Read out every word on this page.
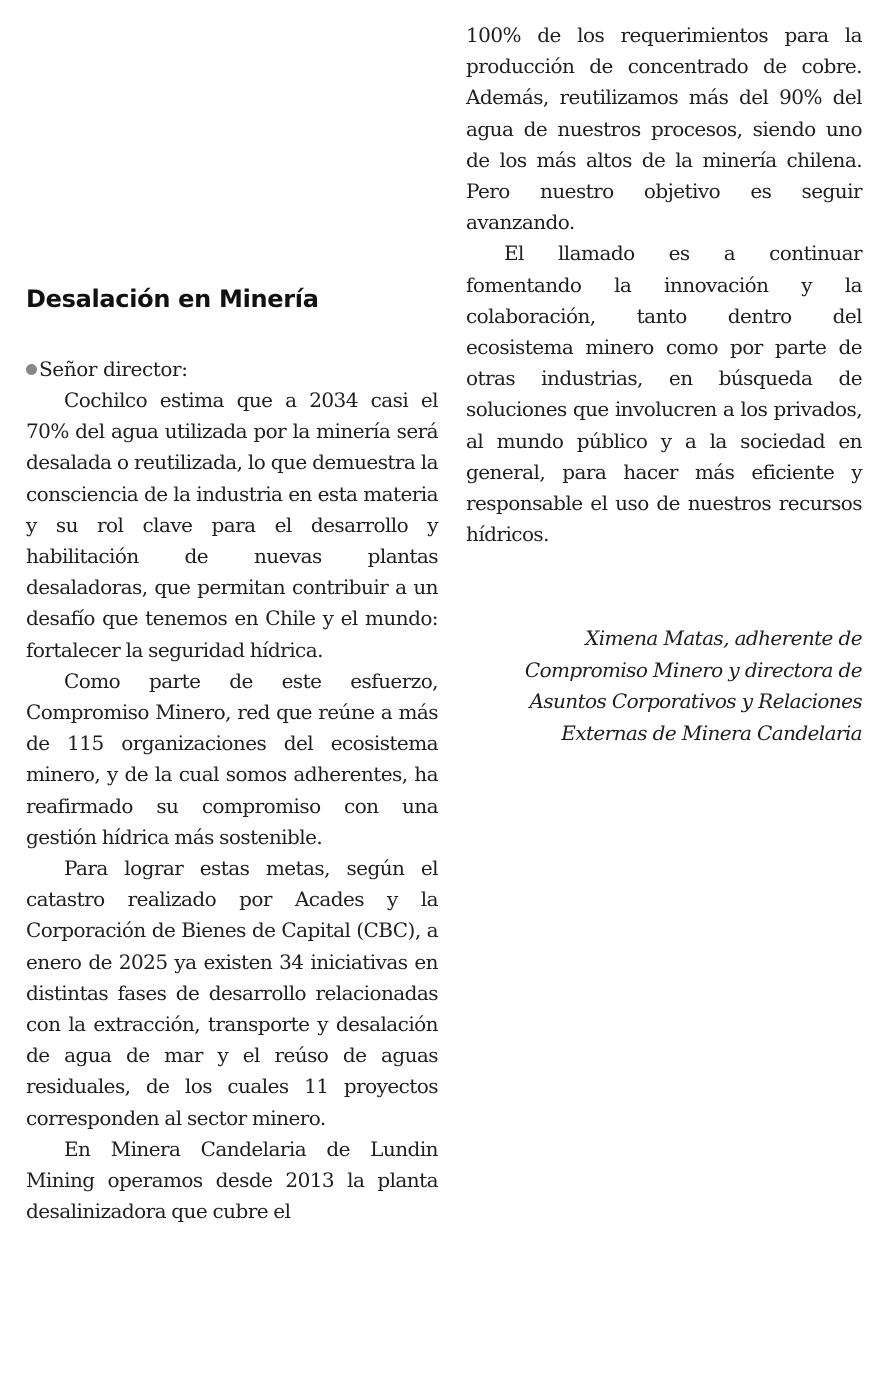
Desalación en Minería
Señor director:

Cochilco estima que a 2034 casi el 70% del agua utilizada por la minería será desalada o reutilizada, lo que demuestra la consciencia de la industria en esta materia y su rol clave para el desarrollo y habilitación de nuevas plantas desaladoras, que permitan contribuir a un desafío que tenemos en Chile y el mundo: fortalecer la seguridad hídrica.

Como parte de este esfuerzo, Compromiso Minero, red que reúne a más de 115 organizaciones del ecosistema minero, y de la cual somos adherentes, ha reafirmado su compromiso con una gestión hídrica más sostenible.

Para lograr estas metas, según el catastro realizado por Acades y la Corporación de Bienes de Capital (CBC), a enero de 2025 ya existen 34 iniciativas en distintas fases de desarrollo relacionadas con la extracción, transporte y desalación de agua de mar y el reúso de aguas residuales, de los cuales 11 proyectos corresponden al sector minero.

En Minera Candelaria de Lundin Mining operamos desde 2013 la planta desalinizadora que cubre el

100% de los requerimientos para la producción de concentrado de cobre. Además, reutilizamos más del 90% del agua de nuestros procesos, siendo uno de los más altos de la minería chilena. Pero nuestro objetivo es seguir avanzando.

El llamado es a continuar fomentando la innovación y la colaboración, tanto dentro del ecosistema minero como por parte de otras industrias, en búsqueda de soluciones que involucren a los privados, al mundo público y a la sociedad en general, para hacer más eficiente y responsable el uso de nuestros recursos hídricos.

Ximena Matas, adherente de Compromiso Minero y directora de Asuntos Corporativos y Relaciones Externas de Minera Candelaria
